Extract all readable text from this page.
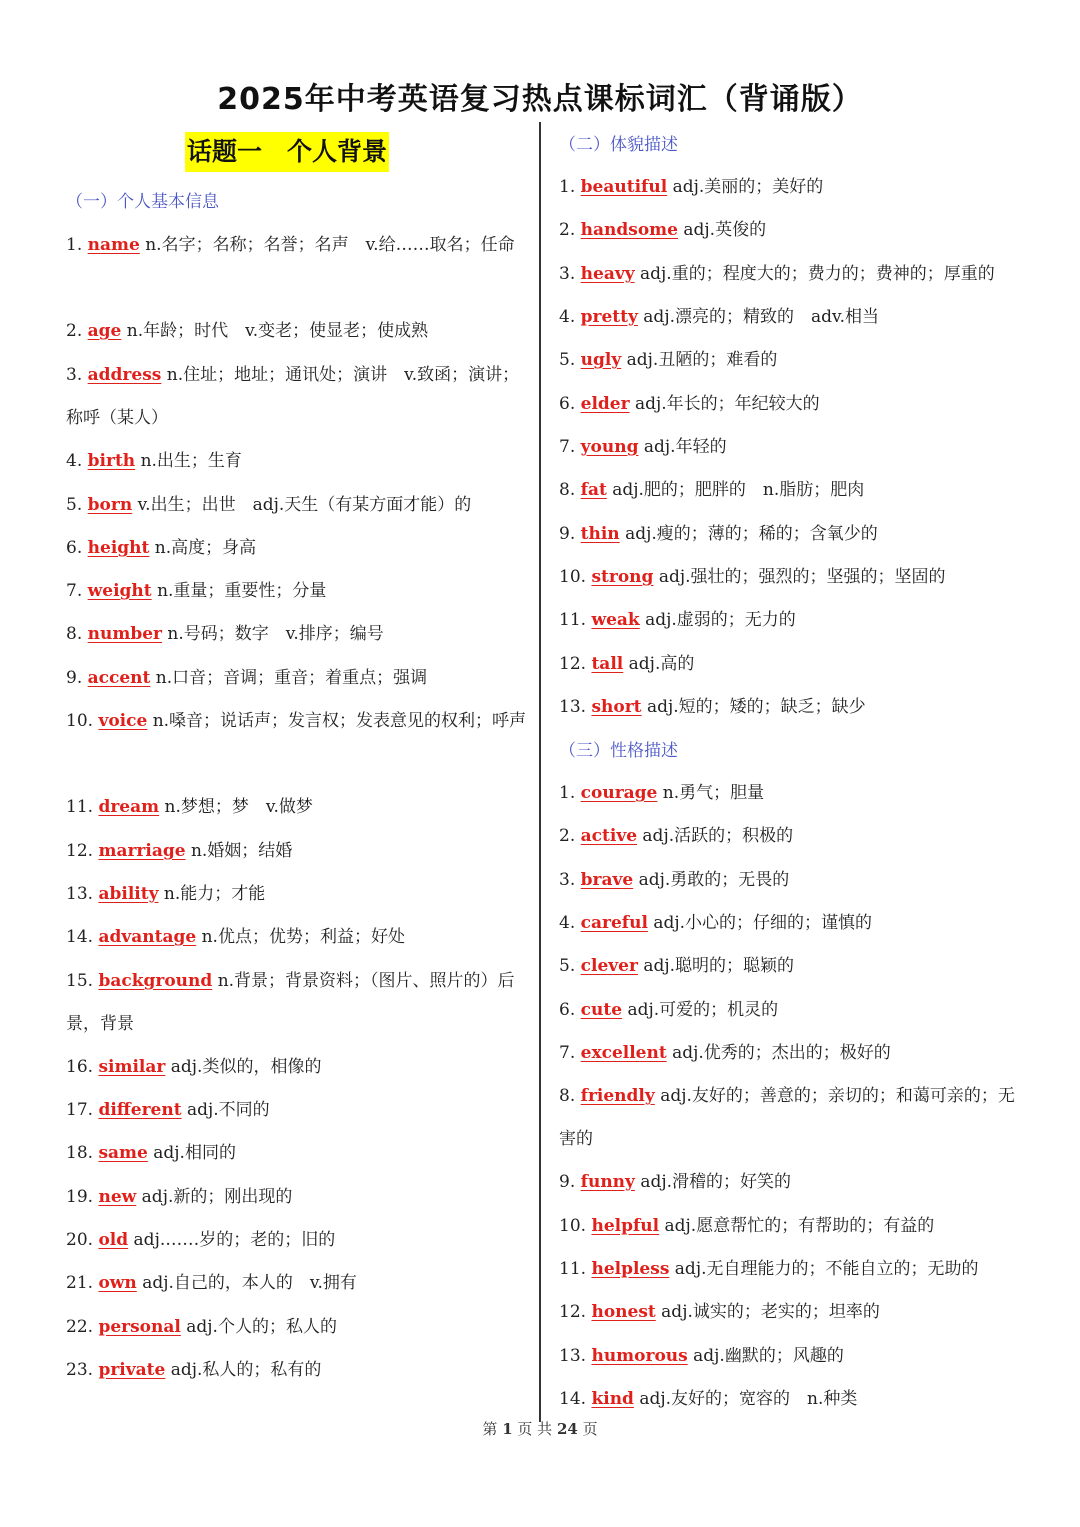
2025年中考英语复习热点课标词汇（背诵版）
话题一　个人背景
（一）个人基本信息
1. name n.名字；名称；名誉；名声　v.给……取名；任命
2. age n.年龄；时代　v.变老；使显老；使成熟
3. address n.住址；地址；通讯处；演讲　v.致函；演讲；称呼（某人）
4. birth n.出生；生育
5. born v.出生；出世　adj.天生（有某方面才能）的
6. height n.高度；身高
7. weight n.重量；重要性；分量
8. number n.号码；数字　v.排序；编号
9. accent n.口音；音调；重音；着重点；强调
10. voice n.嗓音；说话声；发言权；发表意见的权利；呼声
11. dream n.梦想；梦　v.做梦
12. marriage n.婚姻；结婚
13. ability n.能力；才能
14. advantage n.优点；优势；利益；好处
15. background n.背景；背景资料；（图片、照片的）后景，背景
16. similar adj.类似的，相像的
17. different adj.不同的
18. same adj.相同的
19. new adj.新的；刚出现的
20. old adj.……岁的；老的；旧的
21. own adj.自己的，本人的　v.拥有
22. personal adj.个人的；私人的
23. private adj.私人的；私有的
（二）体貌描述
1. beautiful adj.美丽的；美好的
2. handsome adj.英俊的
3. heavy adj.重的；程度大的；费力的；费神的；厚重的
4. pretty adj.漂亮的；精致的　adv.相当
5. ugly adj.丑陋的；难看的
6. elder adj.年长的；年纪较大的
7. young adj.年轻的
8. fat adj.肥的；肥胖的　n.脂肪；肥肉
9. thin adj.瘦的；薄的；稀的；含氧少的
10. strong adj.强壮的；强烈的；坚强的；坚固的
11. weak adj.虚弱的；无力的
12. tall adj.高的
13. short adj.短的；矮的；缺乏；缺少
（三）性格描述
1. courage n.勇气；胆量
2. active adj.活跃的；积极的
3. brave adj.勇敢的；无畏的
4. careful adj.小心的；仔细的；谨慎的
5. clever adj.聪明的；聪颖的
6. cute adj.可爱的；机灵的
7. excellent adj.优秀的；杰出的；极好的
8. friendly adj.友好的；善意的；亲切的；和蔼可亲的；无害的
9. funny adj.滑稽的；好笑的
10. helpful adj.愿意帮忙的；有帮助的；有益的
11. helpless adj.无自理能力的；不能自立的；无助的
12. honest adj.诚实的；老实的；坦率的
13. humorous adj.幽默的；风趣的
14. kind adj.友好的；宽容的　n.种类
第 1 页 共 24 页
